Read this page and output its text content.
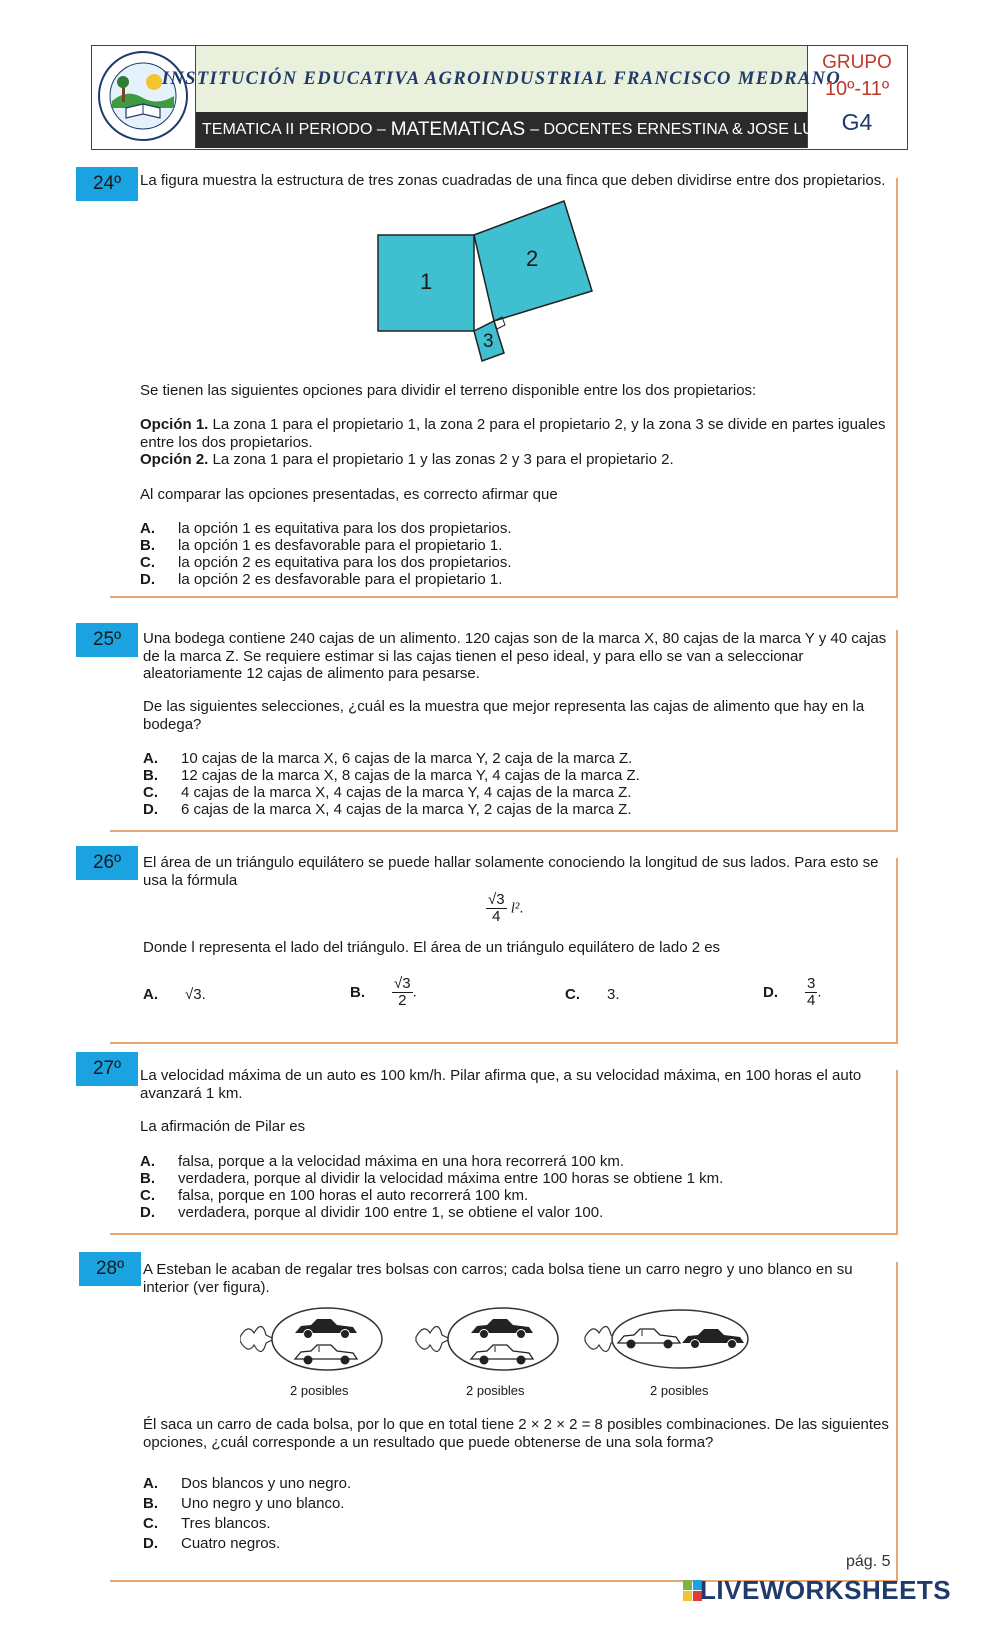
INSTITUCIÓN EDUCATIVA AGROINDUSTRIAL FRANCISCO MEDRANO
TEMATICA II PERIODO – MATEMATICAS – DOCENTES ERNESTINA & JOSE LUIS.
GRUPO
10º-11º
G4
24º	La figura muestra la estructura de tres zonas cuadradas de una finca que deben dividirse entre dos propietarios.
1
2
3
Se tienen las siguientes opciones para dividir el terreno disponible entre los dos propietarios:
Opción 1. La zona 1 para el propietario 1, la zona 2 para el propietario 2, y la zona 3 se divide en partes iguales entre los dos propietarios.
Opción 2. La zona 1 para el propietario 1 y las zonas 2 y 3 para el propietario 2.
Al comparar las opciones presentadas, es correcto afirmar que
A. la opción 1 es equitativa para los dos propietarios.
B. la opción 1 es desfavorable para el propietario 1.
C. la opción 2 es equitativa para los dos propietarios.
D. la opción 2 es desfavorable para el propietario 1.
25º	Una bodega contiene 240 cajas de un alimento. 120 cajas son de la marca X, 80 cajas de la marca Y y 40 cajas de la marca Z. Se requiere estimar si las cajas tienen el peso ideal, y para ello se van a seleccionar aleatoriamente 12 cajas de alimento para pesarse.
De las siguientes selecciones, ¿cuál es la muestra que mejor representa las cajas de alimento que hay en la bodega?
A. 10 cajas de la marca X, 6 cajas de la marca Y, 2 caja de la marca Z.
B. 12 cajas de la marca X, 8 cajas de la marca Y, 4 cajas de la marca Z.
C. 4 cajas de la marca X, 4 cajas de la marca Y, 4 cajas de la marca Z.
D. 6 cajas de la marca X, 4 cajas de la marca Y, 2 cajas de la marca Z.
26º	El área de un triángulo equilátero se puede hallar solamente conociendo la longitud de sus lados. Para esto se usa la fórmula
$\frac{√3}{4} l^2$.
Donde l representa el lado del triángulo. El área de un triángulo equilátero de lado 2 es
A. √3.	B. $\frac{√3}{2}$ .	C. 3.	D. $\frac{3}{4}$ .
27º	La velocidad máxima de un auto es 100 km/h. Pilar afirma que, a su velocidad máxima, en 100 horas el auto avanzará 1 km.
La afirmación de Pilar es
A. falsa, porque a la velocidad máxima en una hora recorrerá 100 km.
B. verdadera, porque al dividir la velocidad máxima entre 100 horas se obtiene 1 km.
C. falsa, porque en 100 horas el auto recorrerá 100 km.
D. verdadera, porque al dividir 100 entre 1, se obtiene el valor 100.
28º	A Esteban le acaban de regalar tres bolsas con carros; cada bolsa tiene un carro negro y uno blanco en su interior (ver figura).
2 posibles	2 posibles	2 posibles
Él saca un carro de cada bolsa, por lo que en total tiene 2 × 2 × 2 = 8 posibles combinaciones. De las siguientes opciones, ¿cuál corresponde a un resultado que puede obtenerse de una sola forma?
A. Dos blancos y uno negro.
B. Uno negro y uno blanco.
C. Tres blancos.
D. Cuatro negros.
pág. 5
LIVEWORKSHEETS
